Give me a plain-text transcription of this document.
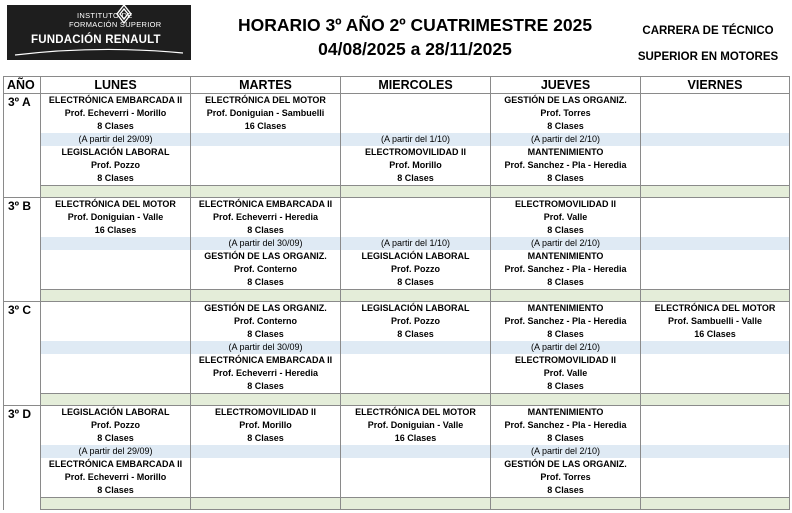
INSTITUTO DE
FORMACIÓN SUPERIOR
FUNDACIÓN RENAULT
HORARIO 3º AÑO 2º CUATRIMESTRE 2025
04/08/2025 a 28/11/2025
CARRERA DE TÉCNICO
SUPERIOR EN MOTORES
AÑO	LUNES	MARTES	MIERCOLES	JUEVES	VIERNES
3º A	ELECTRÓNICA EMBARCADA II	ELECTRÓNICA DEL MOTOR		GESTIÓN DE LAS ORGANIZ.	
	Prof. Echeverri - Morillo	Prof. Doniguian - Sambuelli		Prof. Torres	
	8 Clases	16 Clases		8 Clases	
	(A partir del 29/09)		(A partir del 1/10)	(A partir del 2/10)	
	LEGISLACIÓN LABORAL		ELECTROMOVILIDAD II	MANTENIMIENTO	
	Prof. Pozzo		Prof. Morillo	Prof. Sanchez - Pla - Heredia	
	8 Clases		8 Clases	8 Clases	

3º B	ELECTRÓNICA DEL MOTOR	ELECTRÓNICA EMBARCADA II		ELECTROMOVILIDAD II	
	Prof. Doniguian - Valle	Prof. Echeverri - Heredia		Prof. Valle	
	16 Clases	8 Clases		8 Clases	
		(A partir del 30/09)	(A partir del 1/10)	(A partir del 2/10)	
		GESTIÓN DE LAS ORGANIZ.	LEGISLACIÓN LABORAL	MANTENIMIENTO	
		Prof. Conterno	Prof. Pozzo	Prof. Sanchez - Pla - Heredia	
		8 Clases	8 Clases	8 Clases	

3º C		GESTIÓN DE LAS ORGANIZ.	LEGISLACIÓN LABORAL	MANTENIMIENTO	ELECTRÓNICA DEL MOTOR
		Prof. Conterno	Prof. Pozzo	Prof. Sanchez - Pla - Heredia	Prof. Sambuelli - Valle
		8 Clases	8 Clases	8 Clases	16 Clases
		(A partir del 30/09)		(A partir del 2/10)	
		ELECTRÓNICA EMBARCADA II		ELECTROMOVILIDAD II	
		Prof. Echeverri - Heredia		Prof. Valle	
		8 Clases		8 Clases	

3º D	LEGISLACIÓN LABORAL	ELECTROMOVILIDAD II	ELECTRÓNICA DEL MOTOR	MANTENIMIENTO	
	Prof. Pozzo	Prof. Morillo	Prof. Doniguian - Valle	Prof. Sanchez - Pla - Heredia	
	8 Clases	8 Clases	16 Clases	8 Clases	
	(A partir del 29/09)			(A partir del 2/10)	
	ELECTRÓNICA EMBARCADA II			GESTIÓN DE LAS ORGANIZ.	
	Prof. Echeverri - Morillo			Prof. Torres	
	8 Clases			8 Clases	
